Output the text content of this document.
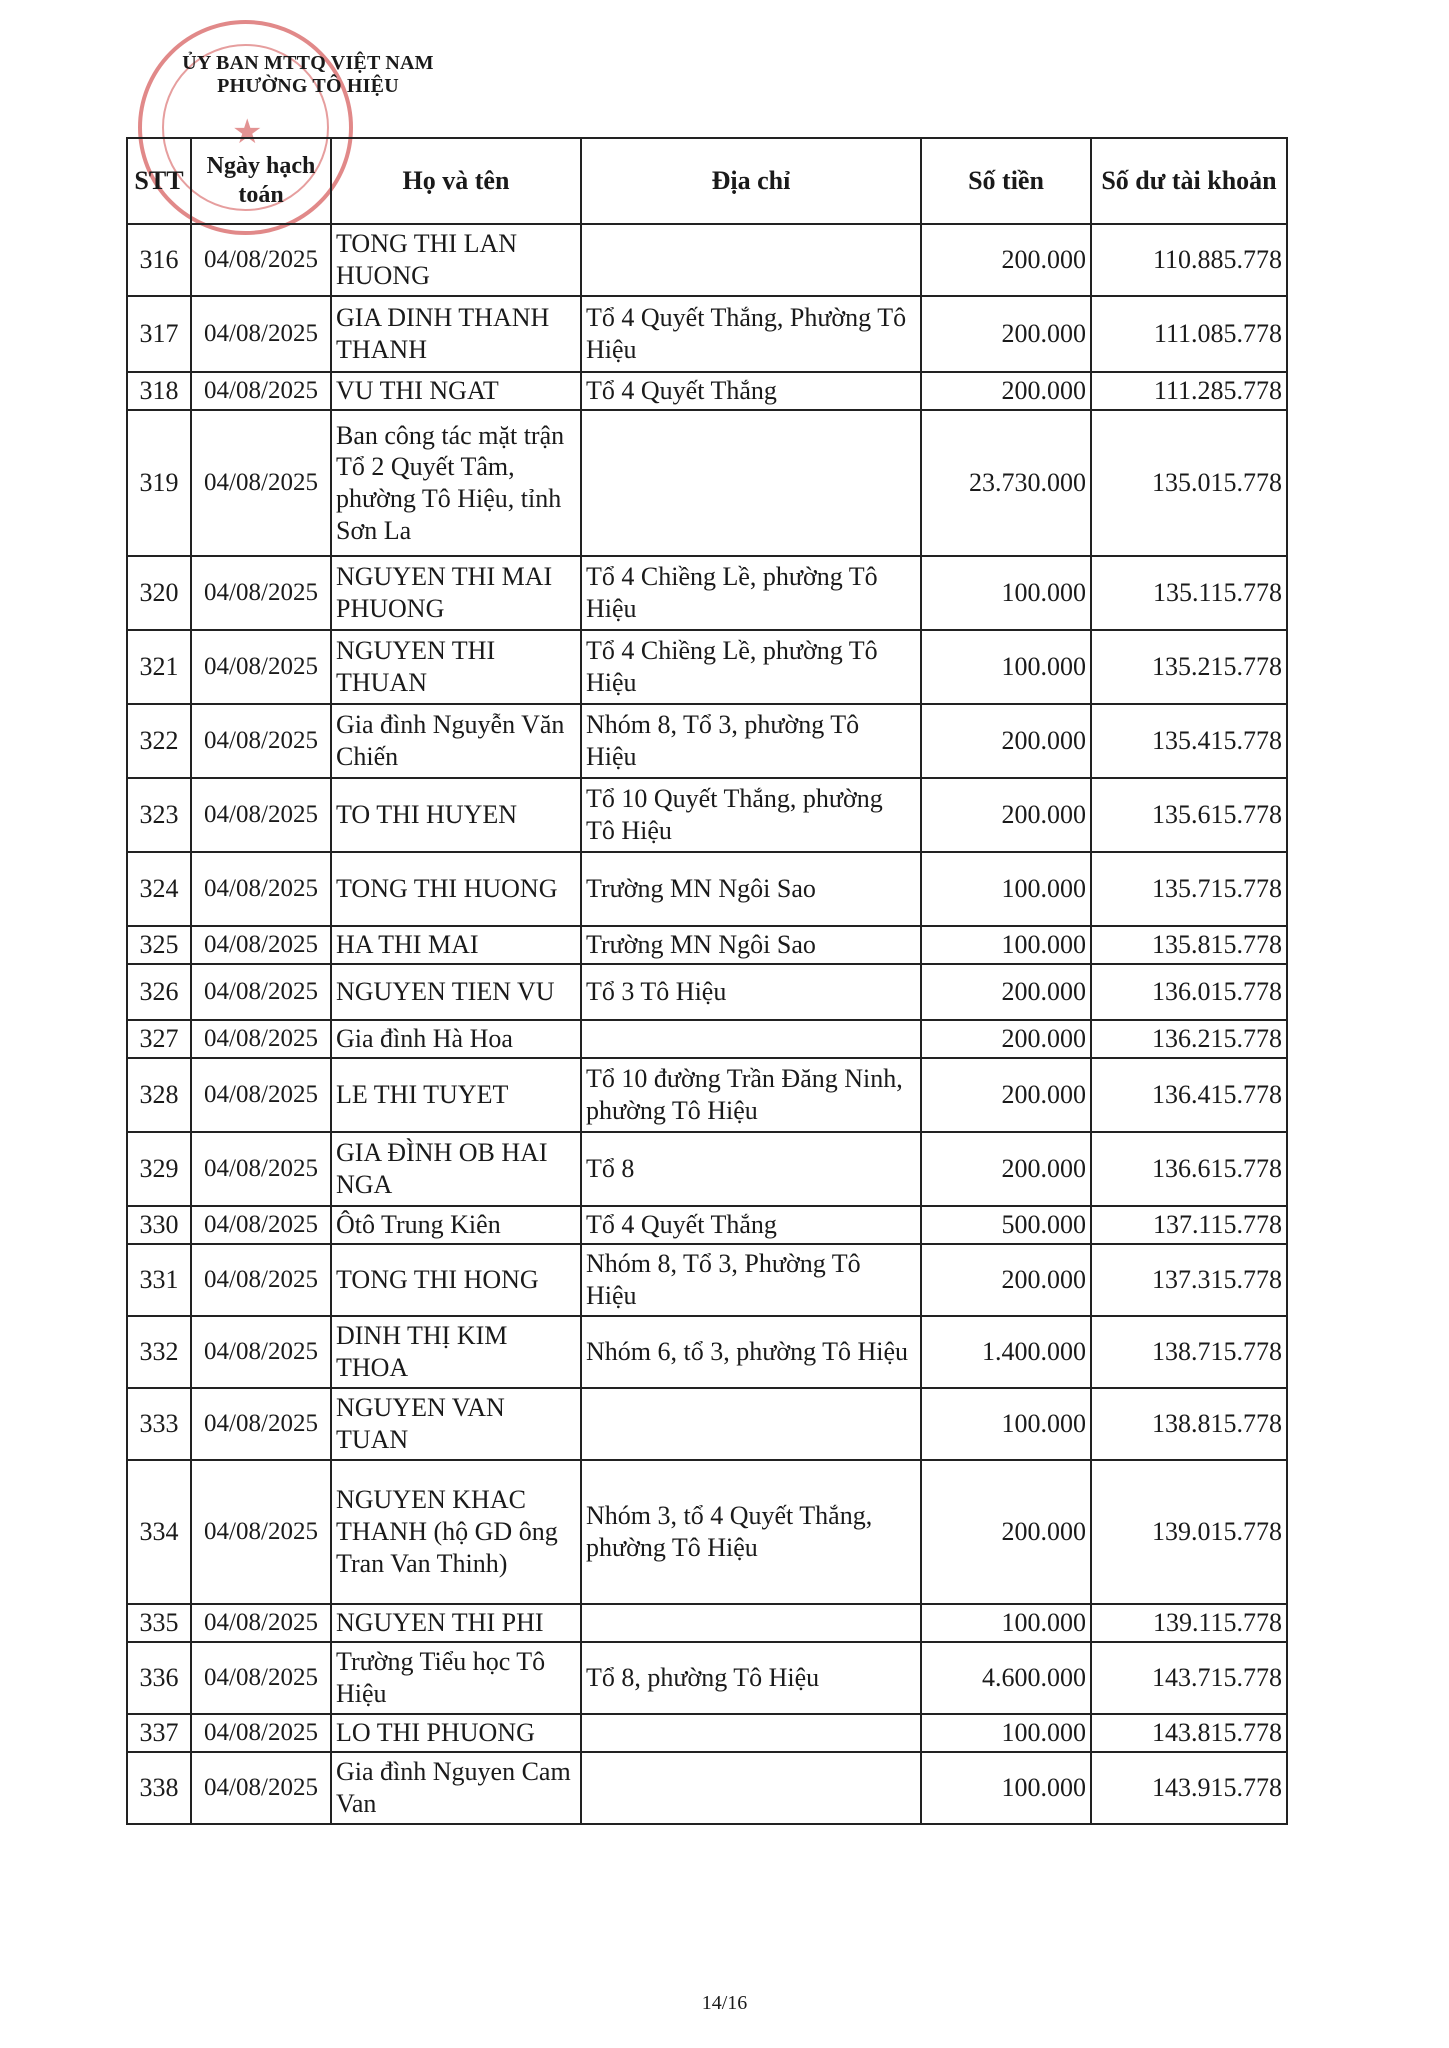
★
ỦY BAN MTTQ VIỆT NAM
PHƯỜNG TÔ HIỆU
STT	Ngày hạch toán	Họ và tên	Địa chỉ	Số tiền	Số dư tài khoản
316	04/08/2025	TONG THI LAN HUONG		200.000	110.885.778
317	04/08/2025	GIA DINH THANH THANH	Tổ 4 Quyết Thắng, Phường Tô Hiệu	200.000	111.085.778
318	04/08/2025	VU THI NGAT	Tổ 4 Quyết Thắng	200.000	111.285.778
319	04/08/2025	Ban công tác mặt trận Tổ 2 Quyết Tâm, phường Tô Hiệu, tỉnh Sơn La		23.730.000	135.015.778
320	04/08/2025	NGUYEN THI MAI PHUONG	Tổ 4 Chiềng Lề, phường Tô Hiệu	100.000	135.115.778
321	04/08/2025	NGUYEN THI THUAN	Tổ 4 Chiềng Lề, phường Tô Hiệu	100.000	135.215.778
322	04/08/2025	Gia đình Nguyễn Văn Chiến	Nhóm 8, Tổ 3, phường Tô Hiệu	200.000	135.415.778
323	04/08/2025	TO THI HUYEN	Tổ 10 Quyết Thắng, phường Tô Hiệu	200.000	135.615.778
324	04/08/2025	TONG THI HUONG	Trường MN Ngôi Sao	100.000	135.715.778
325	04/08/2025	HA THI MAI	Trường MN Ngôi Sao	100.000	135.815.778
326	04/08/2025	NGUYEN TIEN VU	Tổ 3 Tô Hiệu	200.000	136.015.778
327	04/08/2025	Gia đình Hà Hoa		200.000	136.215.778
328	04/08/2025	LE THI TUYET	Tổ 10 đường Trần Đăng Ninh, phường Tô Hiệu	200.000	136.415.778
329	04/08/2025	GIA ĐÌNH OB HAI NGA	Tổ 8	200.000	136.615.778
330	04/08/2025	Ôtô Trung Kiên	Tổ 4 Quyết Thắng	500.000	137.115.778
331	04/08/2025	TONG THI HONG	Nhóm 8, Tổ 3, Phường Tô Hiệu	200.000	137.315.778
332	04/08/2025	DINH THỊ KIM THOA	Nhóm 6, tổ 3, phường Tô Hiệu	1.400.000	138.715.778
333	04/08/2025	NGUYEN VAN TUAN		100.000	138.815.778
334	04/08/2025	NGUYEN KHAC THANH (hộ GD ông Tran Van Thinh)	Nhóm 3, tổ 4 Quyết Thắng, phường Tô Hiệu	200.000	139.015.778
335	04/08/2025	NGUYEN THI PHI		100.000	139.115.778
336	04/08/2025	Trường Tiểu học Tô Hiệu	Tổ 8, phường Tô Hiệu	4.600.000	143.715.778
337	04/08/2025	LO THI PHUONG		100.000	143.815.778
338	04/08/2025	Gia đình Nguyen Cam Van		100.000	143.915.778
14/16
